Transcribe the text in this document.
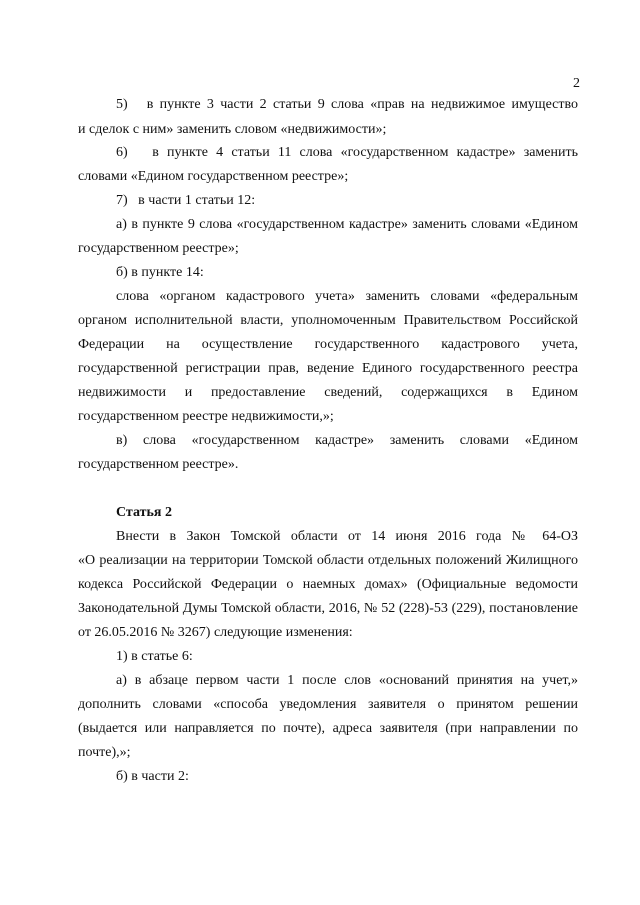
2
5)   в пункте 3 части 2 статьи 9 слова «прав на недвижимое имущество
и сделок с ним» заменить словом «недвижимости»;
6)   в пункте 4 статьи 11 слова «государственном кадастре» заменить
словами «Едином государственном реестре»;
7)   в части 1 статьи 12:
а) в пункте 9 слова «государственном кадастре» заменить словами «Едином
государственном реестре»;
б) в пункте 14:
слова «органом кадастрового учета» заменить словами «федеральным
органом исполнительной власти, уполномоченным Правительством Российской
Федерации на осуществление государственного кадастрового учета,
государственной регистрации прав, ведение Единого государственного реестра
недвижимости и предоставление сведений, содержащихся в Едином
государственном реестре недвижимости,»;
в) слова «государственном кадастре» заменить словами «Едином
государственном реестре».
Статья 2
Внести в Закон Томской области от 14 июня 2016 года № 64-ОЗ
«О реализации на территории Томской области отдельных положений Жилищного
кодекса Российской Федерации о наемных домах» (Официальные ведомости
Законодательной Думы Томской области, 2016, № 52 (228)-53 (229), постановление
от 26.05.2016 № 3267) следующие изменения:
1) в статье 6:
а) в абзаце первом части 1 после слов «оснований принятия на учет,»
дополнить словами «способа уведомления заявителя о принятом решении
(выдается или направляется по почте), адреса заявителя (при направлении по
почте),»;
б) в части 2:
